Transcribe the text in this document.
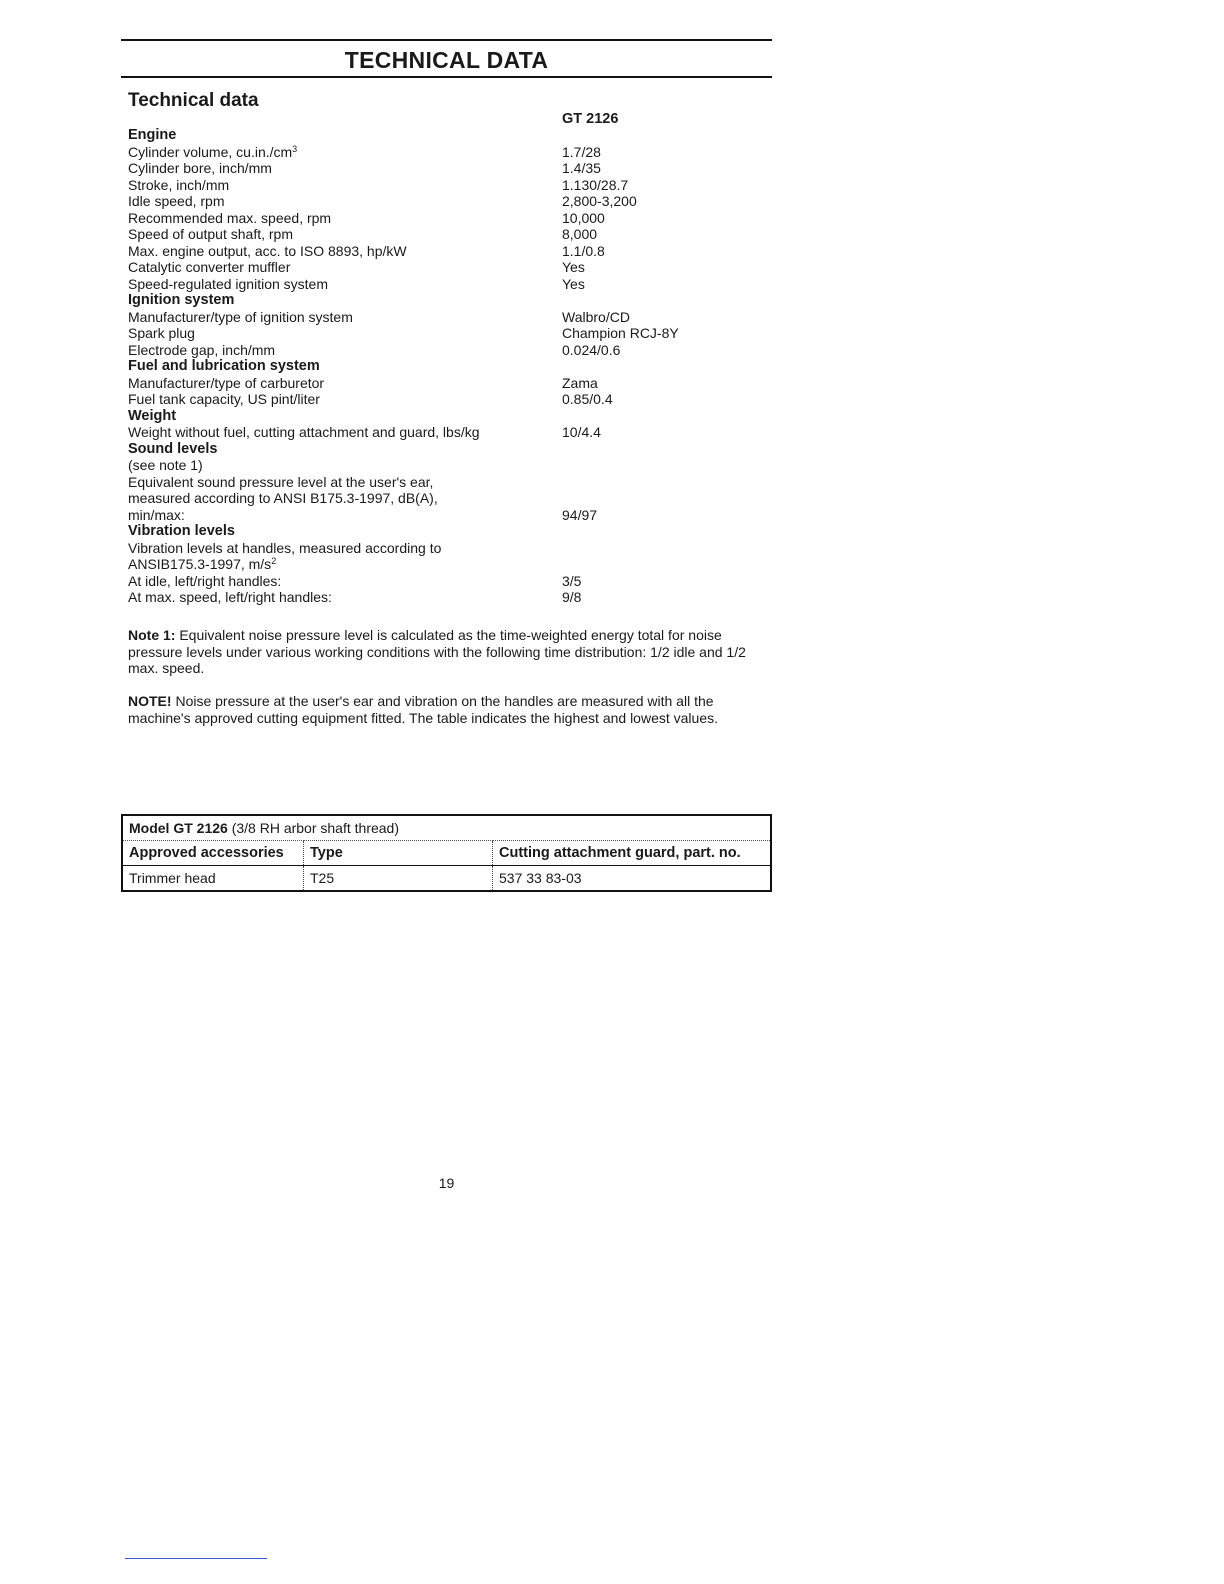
TECHNICAL DATA
Technical data
GT 2126
Engine
Cylinder volume, $cu.in./cm^3$	1.7/28
Cylinder bore, inch/mm	1.4/35
Stroke, inch/mm	1.130/28.7
Idle speed, rpm	2,800-3,200
Recommended max. speed, rpm	10,000
Speed of output shaft, rpm	8,000
Max. engine output, acc. to ISO 8893, hp/kW	1.1/0.8
Catalytic converter muffler	Yes
Speed-regulated ignition system	Yes
Ignition system
Manufacturer/type of ignition system	Walbro/CD
Spark plug	Champion RCJ-8Y
Electrode gap, inch/mm	0.024/0.6
Fuel and lubrication system
Manufacturer/type of carburetor	Zama
Fuel tank capacity, US pint/liter	0.85/0.4
Weight
Weight without fuel, cutting attachment and guard, lbs/kg	10/4.4
Sound levels
(see note 1)
Equivalent sound pressure level at the user's ear,
measured according to ANSI B175.3-1997, dB(A),
min/max:	94/97
Vibration levels
Vibration levels at handles, measured according to
ANSIB175.3-1997, $m/s^2$
At idle, left/right handles:	3/5
At max. speed, left/right handles:	9/8

Note 1: Equivalent noise pressure level is calculated as the time-weighted energy total for noise pressure levels under various working conditions with the following time distribution: 1/2 idle and 1/2 max. speed.

NOTE! Noise pressure at the user's ear and vibration on the handles are measured with all the machine's approved cutting equipment fitted. The table indicates the highest and lowest values.

Model GT 2126 (3/8 RH arbor shaft thread)		
Approved accessories	Type	Cutting attachment guard, part. no.
Trimmer head	T25	537 33 83-03
19
